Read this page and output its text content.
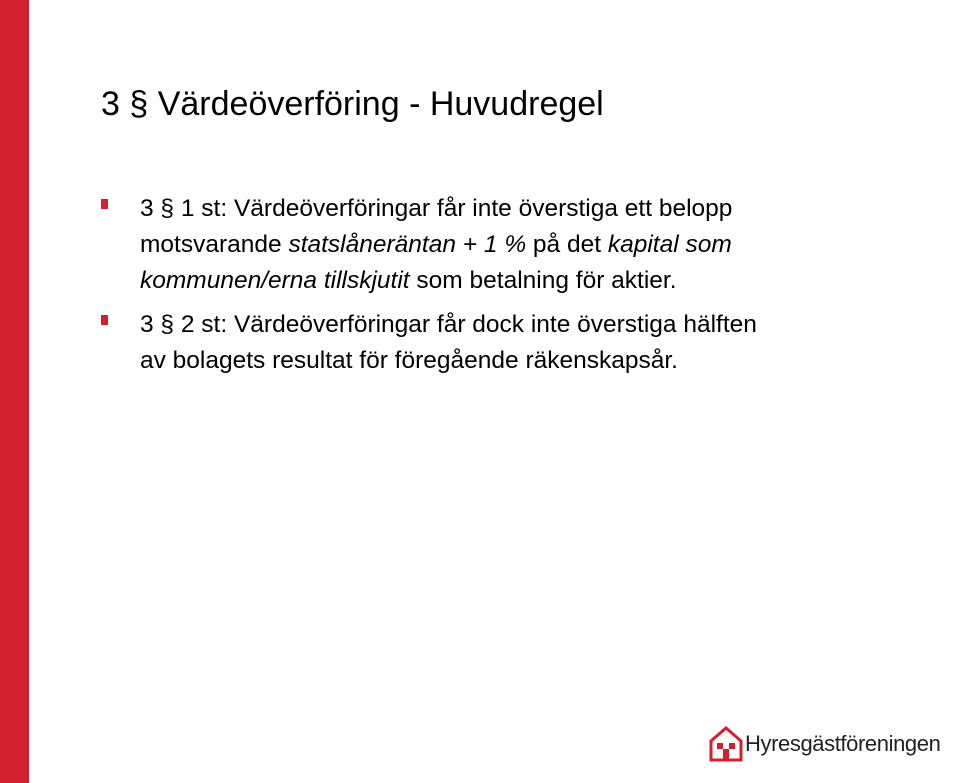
3 § Värdeöverföring - Huvudregel
3 § 1 st: Värdeöverföringar får inte överstiga ett belopp
motsvarande statslåneräntan + 1 % på det kapital som
kommunen/erna tillskjutit som betalning för aktier.
3 § 2 st: Värdeöverföringar får dock inte överstiga hälften
av bolagets resultat för föregående räkenskapsår.
Hyresgästföreningen
